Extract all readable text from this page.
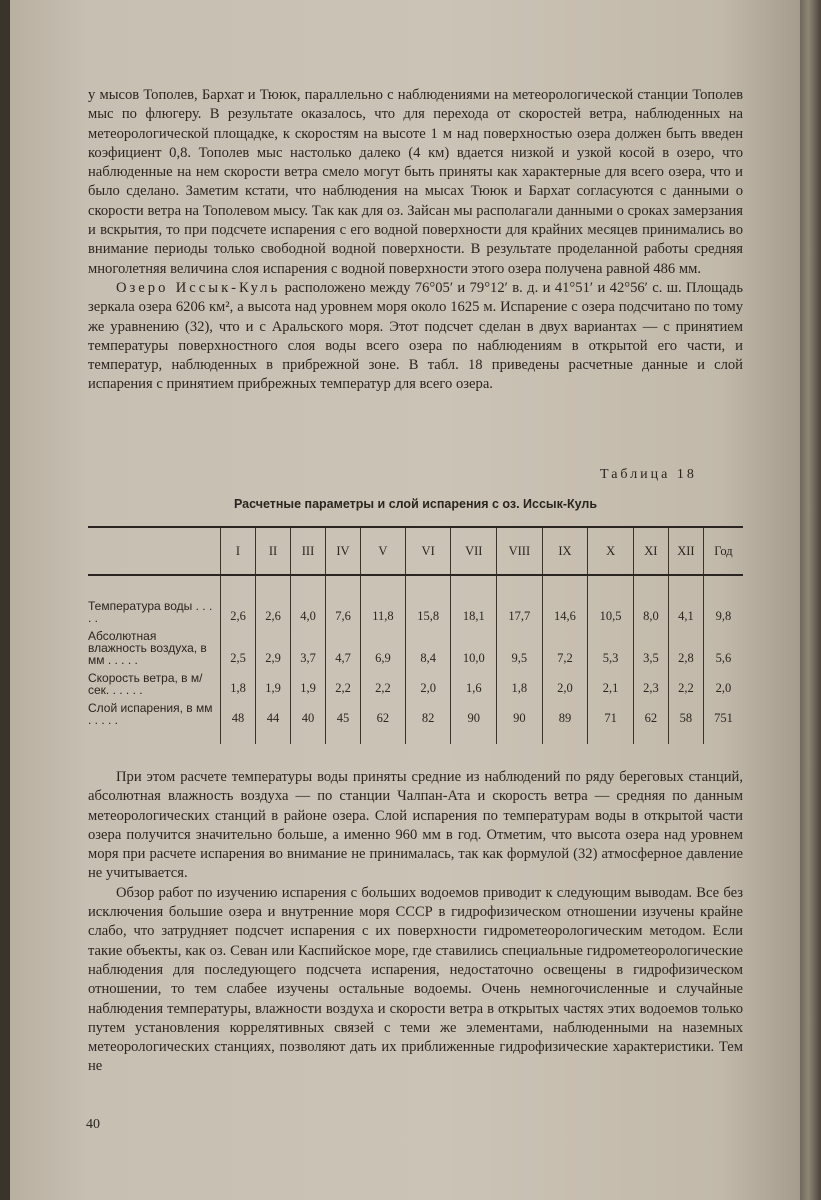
у мысов Тополев, Бархат и Тююк, параллельно с наблюдениями на метеорологической станции Тополев мыс по флюгеру. В результате оказалось, что для перехода от скоростей ветра, наблюденных на метеорологической площадке, к скоростям на высоте 1 м над поверхностью озера должен быть введен коэфициент 0,8. Тополев мыс настолько далеко (4 км) вдается низкой и узкой косой в озеро, что наблюденные на нем скорости ветра смело могут быть приняты как характерные для всего озера, что и было сделано. Заметим кстати, что наблюдения на мысах Тююк и Бархат согласуются с данными о скорости ветра на Тополевом мысу. Так как для оз. Зайсан мы располагали данными о сроках замерзания и вскрытия, то при подсчете испарения с его водной поверхности для крайних месяцев принимались во внимание периоды только свободной водной поверхности. В результате проделанной работы средняя многолетняя величина слоя испарения с водной поверхности этого озера получена равной 486 мм.

Озеро Иссык-Куль расположено между 76°05′ и 79°12′ в. д. и 41°51′ и 42°56′ с. ш. Площадь зеркала озера 6206 км², а высота над уровнем моря около 1625 м. Испарение с озера подсчитано по тому же уравнению (32), что и с Аральского моря. Этот подсчет сделан в двух вариантах — с принятием температуры поверхностного слоя воды всего озера по наблюдениям в открытой его части, и температур, наблюденных в прибрежной зоне. В табл. 18 приведены расчетные данные и слой испарения с принятием прибрежных температур для всего озера.

Таблица 18
Расчетные параметры и слой испарения с оз. Иссык-Куль
	I	II	III	IV	V	VI	VII	VIII	IX	X	XI	XII	Год

Температура воды . . . . .	2,6	2,6	4,0	7,6	11,8	15,8	18,1	17,7	14,6	10,5	8,0	4,1	9,8
Абсолютная влажность воздуха, в мм . . . . .	2,5	2,9	3,7	4,7	6,9	8,4	10,0	9,5	7,2	5,3	3,5	2,8	5,6
Скорость ветра, в м/сек. . . . . .	1,8	1,9	1,9	2,2	2,2	2,0	1,6	1,8	2,0	2,1	2,3	2,2	2,0
Слой испарения, в мм . . . . .	48	44	40	45	62	82	90	90	89	71	62	58	751

При этом расчете температуры воды приняты средние из наблюдений по ряду береговых станций, абсолютная влажность воздуха — по станции Чалпан-Ата и скорость ветра — средняя по данным метеорологических станций в районе озера. Слой испарения по температурам воды в открытой части озера получится значительно больше, а именно 960 мм в год. Отметим, что высота озера над уровнем моря при расчете испарения во внимание не принималась, так как формулой (32) атмосферное давление не учитывается.

Обзор работ по изучению испарения с больших водоемов приводит к следующим выводам. Все без исключения большие озера и внутренние моря СССР в гидрофизическом отношении изучены крайне слабо, что затрудняет подсчет испарения с их поверхности гидрометеорологическим методом. Если такие объекты, как оз. Севан или Каспийское море, где ставились специальные гидрометеорологические наблюдения для последующего подсчета испарения, недостаточно освещены в гидрофизическом отношении, то тем слабее изучены остальные водоемы. Очень немногочисленные и случайные наблюдения температуры, влажности воздуха и скорости ветра в открытых частях этих водоемов только путем установления коррелятивных связей с теми же элементами, наблюденными на наземных метеорологических станциях, позволяют дать их приближенные гидрофизические характеристики. Тем не

40
